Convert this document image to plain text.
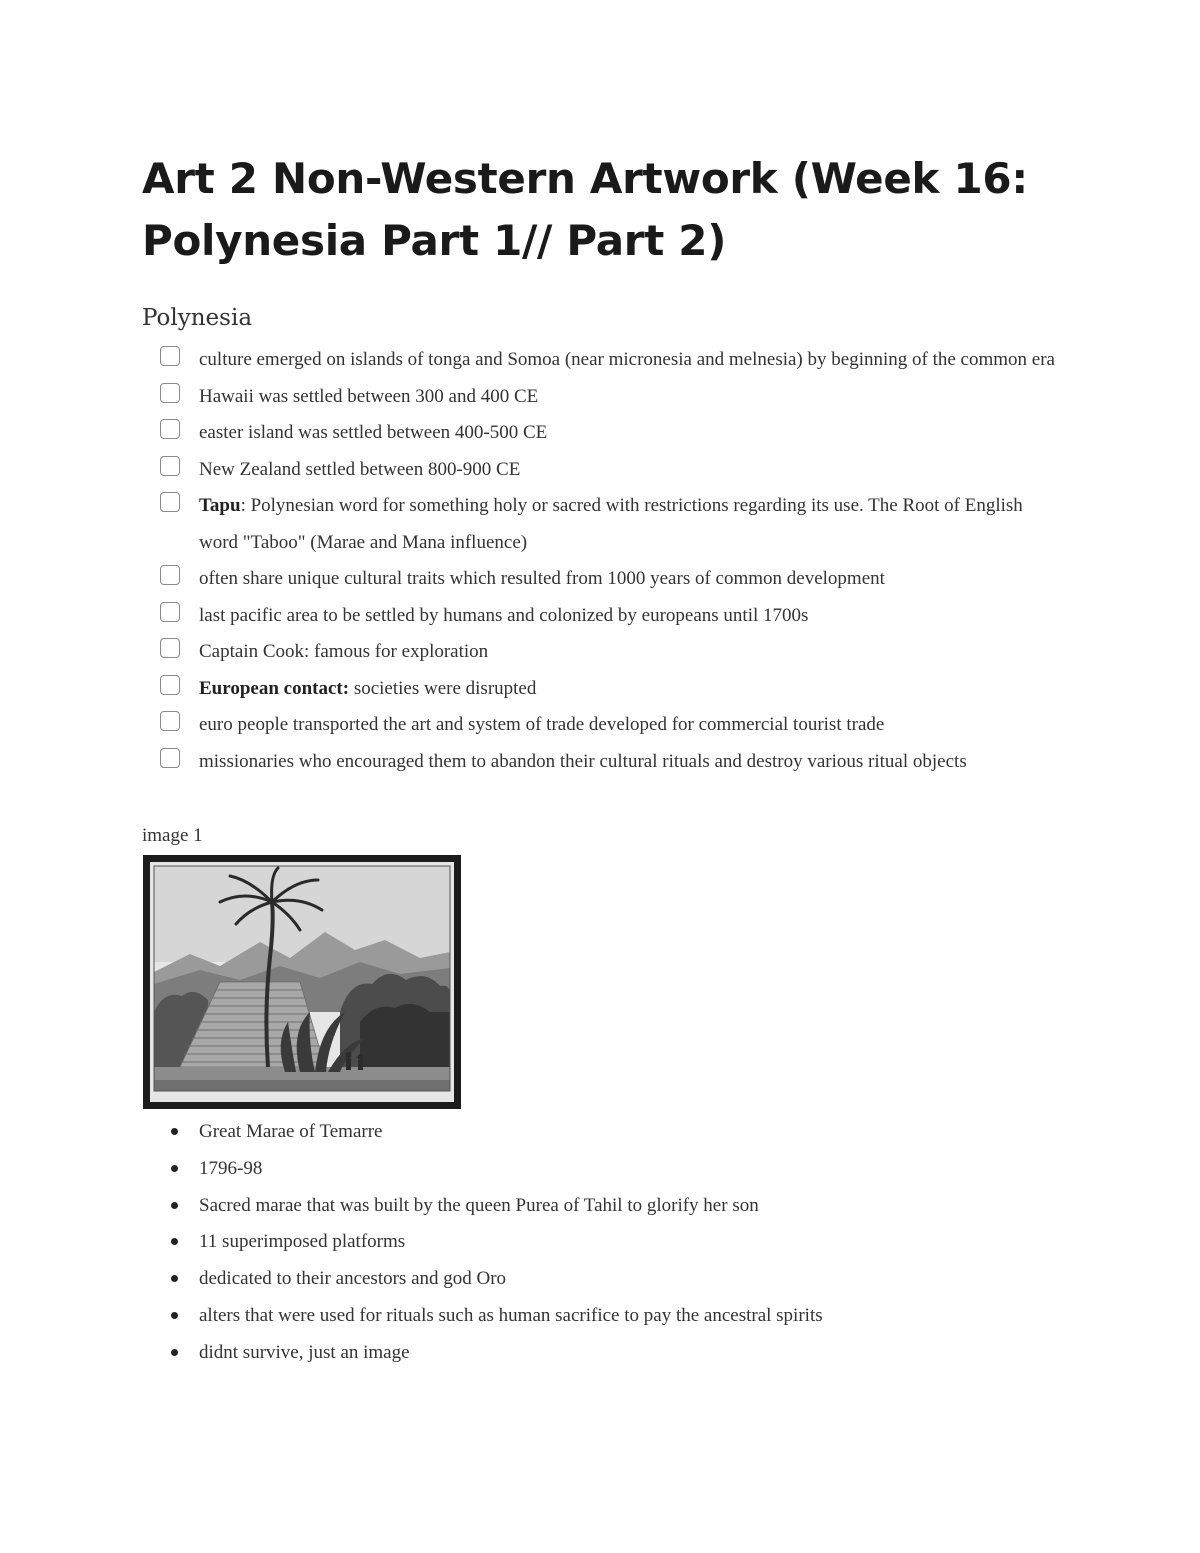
Art 2 Non-Western Artwork (Week 16: Polynesia Part 1// Part 2)
Polynesia
culture emerged on islands of tonga and Somoa (near micronesia and melnesia) by beginning of the common era
Hawaii was settled between 300 and 400 CE
easter island was settled between 400-500 CE
New Zealand settled between 800-900 CE
Tapu: Polynesian word for something holy or sacred with restrictions regarding its use. The Root of English word "Taboo" (Marae and Mana influence)
often share unique cultural traits which resulted from 1000 years of common development
last pacific area to be settled by humans and colonized by europeans until 1700s
Captain Cook: famous for exploration
European contact: societies were disrupted
euro people transported the art and system of trade developed for commercial tourist trade
missionaries who encouraged them to abandon their cultural rituals and destroy various ritual objects

image 1

Great Marae of Temarre
1796-98
Sacred marae that was built by the queen Purea of Tahil to glorify her son
11 superimposed platforms
dedicated to their ancestors and god Oro
alters that were used for rituals such as human sacrifice to pay the ancestral spirits
didnt survive, just an image
